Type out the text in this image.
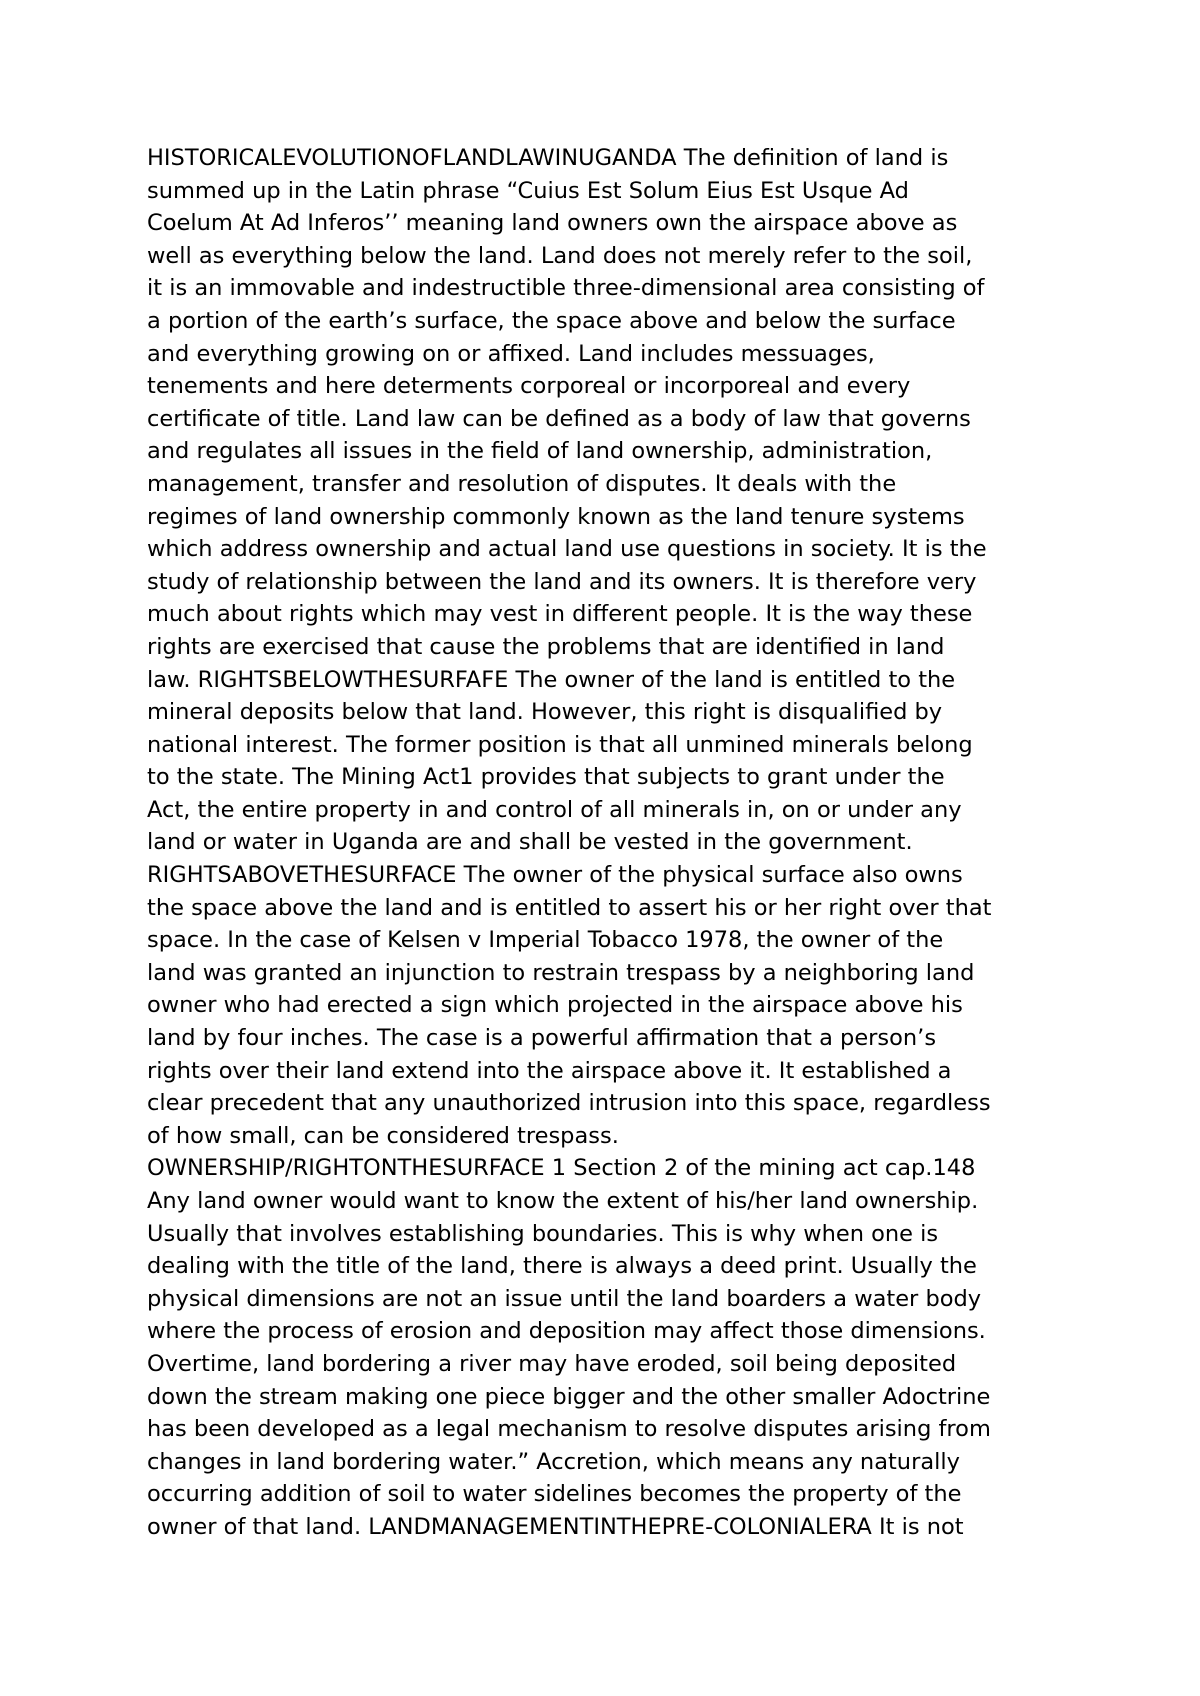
HISTORICALEVOLUTIONOFLANDLAWINUGANDA The definition of land is
summed up in the Latin phrase “Cuius Est Solum Eius Est Usque Ad
Coelum At Ad Inferos’’ meaning land owners own the airspace above as
well as everything below the land. Land does not merely refer to the soil,
it is an immovable and indestructible three-dimensional area consisting of
a portion of the earth’s surface, the space above and below the surface
and everything growing on or affixed. Land includes messuages,
tenements and here determents corporeal or incorporeal and every
certificate of title. Land law can be defined as a body of law that governs
and regulates all issues in the field of land ownership, administration,
management, transfer and resolution of disputes. It deals with the
regimes of land ownership commonly known as the land tenure systems
which address ownership and actual land use questions in society. It is the
study of relationship between the land and its owners. It is therefore very
much about rights which may vest in different people. It is the way these
rights are exercised that cause the problems that are identified in land
law. RIGHTSBELOWTHESURFAFE The owner of the land is entitled to the
mineral deposits below that land. However, this right is disqualified by
national interest. The former position is that all unmined minerals belong
to the state. The Mining Act1 provides that subjects to grant under the
Act, the entire property in and control of all minerals in, on or under any
land or water in Uganda are and shall be vested in the government.
RIGHTSABOVETHESURFACE The owner of the physical surface also owns
the space above the land and is entitled to assert his or her right over that
space. In the case of Kelsen v Imperial Tobacco 1978, the owner of the
land was granted an injunction to restrain trespass by a neighboring land
owner who had erected a sign which projected in the airspace above his
land by four inches. The case is a powerful affirmation that a person’s
rights over their land extend into the airspace above it. It established a
clear precedent that any unauthorized intrusion into this space, regardless
of how small, can be considered trespass.
OWNERSHIP/RIGHTONTHESURFACE 1 Section 2 of the mining act cap.148
Any land owner would want to know the extent of his/her land ownership.
Usually that involves establishing boundaries. This is why when one is
dealing with the title of the land, there is always a deed print. Usually the
physical dimensions are not an issue until the land boarders a water body
where the process of erosion and deposition may affect those dimensions.
Overtime, land bordering a river may have eroded, soil being deposited
down the stream making one piece bigger and the other smaller Adoctrine
has been developed as a legal mechanism to resolve disputes arising from
changes in land bordering water.” Accretion, which means any naturally
occurring addition of soil to water sidelines becomes the property of the
owner of that land. LANDMANAGEMENTINTHEPRE-COLONIALERA It is not
